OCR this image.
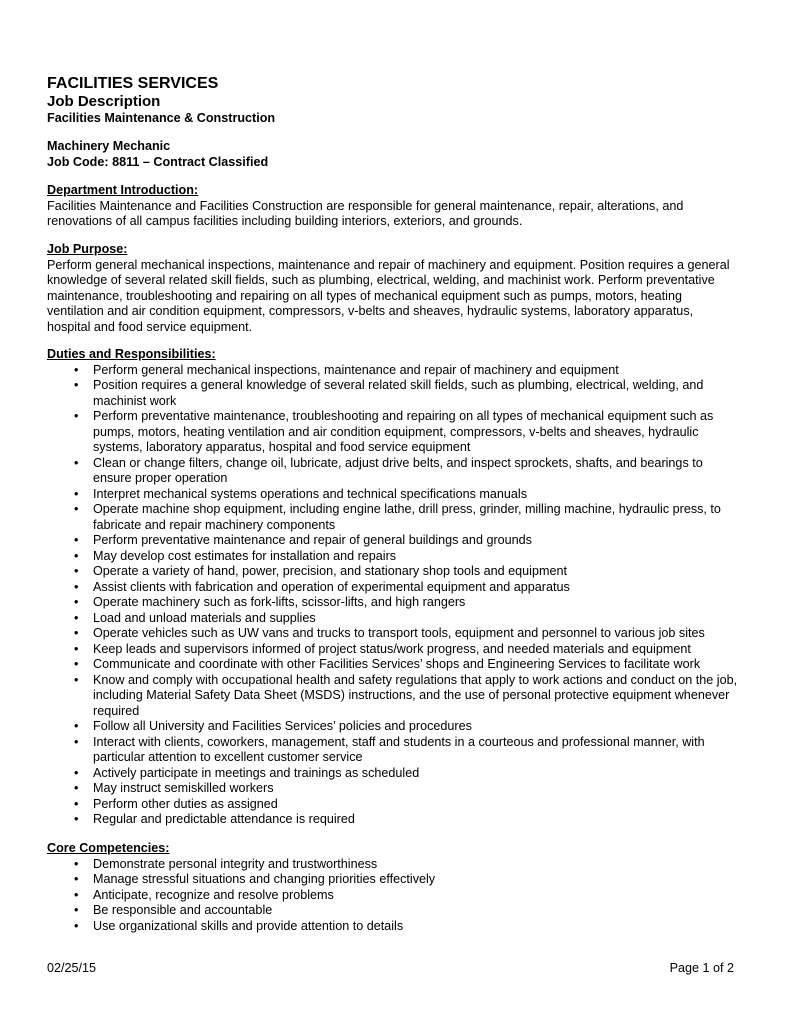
FACILITIES SERVICES
Job Description
Facilities Maintenance & Construction
Machinery Mechanic
Job Code: 8811 – Contract Classified
Department Introduction:
Facilities Maintenance and Facilities Construction are responsible for general maintenance, repair, alterations, and renovations of all campus facilities including building interiors, exteriors, and grounds.
Job Purpose:
Perform general mechanical inspections, maintenance and repair of machinery and equipment. Position requires a general knowledge of several related skill fields, such as plumbing, electrical, welding, and machinist work. Perform preventative maintenance, troubleshooting and repairing on all types of mechanical equipment such as pumps, motors, heating ventilation and air condition equipment, compressors, v-belts and sheaves, hydraulic systems, laboratory apparatus, hospital and food service equipment.
Duties and Responsibilities:
• Perform general mechanical inspections, maintenance and repair of machinery and equipment
• Position requires a general knowledge of several related skill fields, such as plumbing, electrical, welding, and machinist work
• Perform preventative maintenance, troubleshooting and repairing on all types of mechanical equipment such as pumps, motors, heating ventilation and air condition equipment, compressors, v-belts and sheaves, hydraulic systems, laboratory apparatus, hospital and food service equipment
• Clean or change filters, change oil, lubricate, adjust drive belts, and inspect sprockets, shafts, and bearings to ensure proper operation
• Interpret mechanical systems operations and technical specifications manuals
• Operate machine shop equipment, including engine lathe, drill press, grinder, milling machine, hydraulic press, to fabricate and repair machinery components
• Perform preventative maintenance and repair of general buildings and grounds
• May develop cost estimates for installation and repairs
• Operate a variety of hand, power, precision, and stationary shop tools and equipment
• Assist clients with fabrication and operation of experimental equipment and apparatus
• Operate machinery such as fork-lifts, scissor-lifts, and high rangers
• Load and unload materials and supplies
• Operate vehicles such as UW vans and trucks to transport tools, equipment and personnel to various job sites
• Keep leads and supervisors informed of project status/work progress, and needed materials and equipment
• Communicate and coordinate with other Facilities Services’ shops and Engineering Services to facilitate work
• Know and comply with occupational health and safety regulations that apply to work actions and conduct on the job, including Material Safety Data Sheet (MSDS) instructions, and the use of personal protective equipment whenever required
• Follow all University and Facilities Services’ policies and procedures
• Interact with clients, coworkers, management, staff and students in a courteous and professional manner, with particular attention to excellent customer service
• Actively participate in meetings and trainings as scheduled
• May instruct semiskilled workers
• Perform other duties as assigned
• Regular and predictable attendance is required
Core Competencies:
• Demonstrate personal integrity and trustworthiness
• Manage stressful situations and changing priorities effectively
• Anticipate, recognize and resolve problems
• Be responsible and accountable
• Use organizational skills and provide attention to details
02/25/15	Page 1 of 2
